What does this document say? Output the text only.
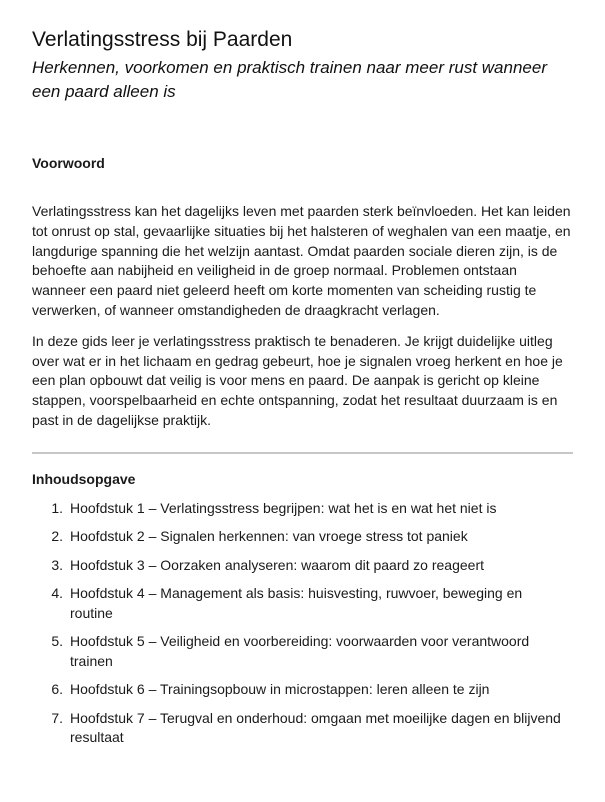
Verlatingsstress bij Paarden

Herkennen, voorkomen en praktisch trainen naar meer rust wanneer een paard alleen is

Voorwoord

Verlatingsstress kan het dagelijks leven met paarden sterk beïnvloeden. Het kan leiden tot onrust op stal, gevaarlijke situaties bij het halsteren of weghalen van een maatje, en langdurige spanning die het welzijn aantast. Omdat paarden sociale dieren zijn, is de behoefte aan nabijheid en veiligheid in de groep normaal. Problemen ontstaan wanneer een paard niet geleerd heeft om korte momenten van scheiding rustig te verwerken, of wanneer omstandigheden de draagkracht verlagen.

In deze gids leer je verlatingsstress praktisch te benaderen. Je krijgt duidelijke uitleg over wat er in het lichaam en gedrag gebeurt, hoe je signalen vroeg herkent en hoe je een plan opbouwt dat veilig is voor mens en paard. De aanpak is gericht op kleine stappen, voorspelbaarheid en echte ontspanning, zodat het resultaat duurzaam is en past in de dagelijkse praktijk.

Inhoudsopgave
1. Hoofdstuk 1 – Verlatingsstress begrijpen: wat het is en wat het niet is
2. Hoofdstuk 2 – Signalen herkennen: van vroege stress tot paniek
3. Hoofdstuk 3 – Oorzaken analyseren: waarom dit paard zo reageert
4. Hoofdstuk 4 – Management als basis: huisvesting, ruwvoer, beweging en routine
5. Hoofdstuk 5 – Veiligheid en voorbereiding: voorwaarden voor verantwoord trainen
6. Hoofdstuk 6 – Trainingsopbouw in microstappen: leren alleen te zijn
7. Hoofdstuk 7 – Terugval en onderhoud: omgaan met moeilijke dagen en blijvend resultaat
